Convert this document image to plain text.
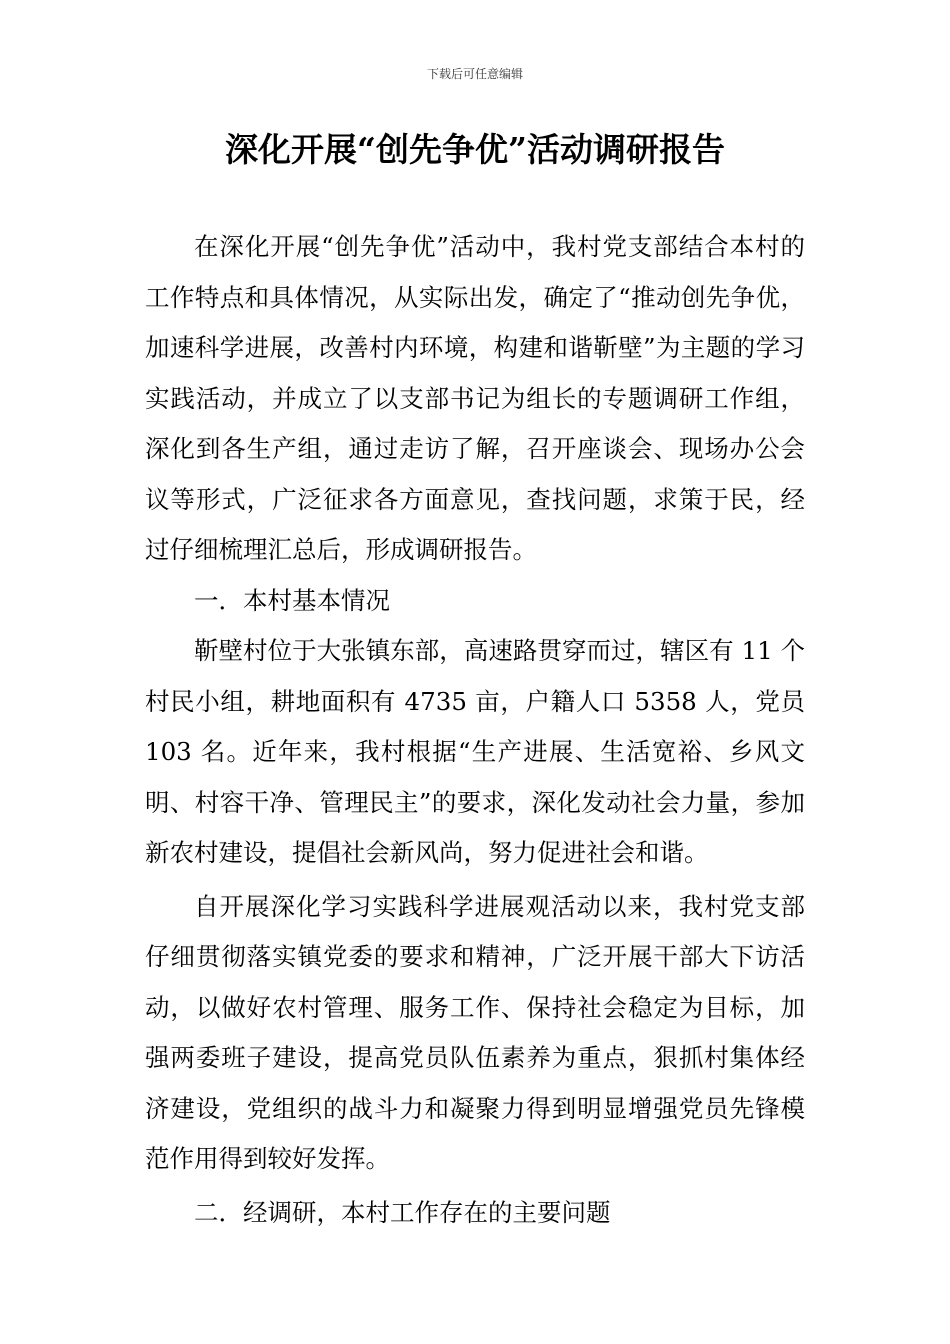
下载后可任意编辑
深化开展“创先争优”活动调研报告

在深化开展“创先争优”活动中，我村党支部结合本村的工作特点和具体情况，从实际出发，确定了“推动创先争优，加速科学进展，改善村内环境，构建和谐靳壁”为主题的学习实践活动，并成立了以支部书记为组长的专题调研工作组，深化到各生产组，通过走访了解，召开座谈会、现场办公会议等形式，广泛征求各方面意见，查找问题，求策于民，经过仔细梳理汇总后，形成调研报告。

一．本村基本情况

靳壁村位于大张镇东部，高速路贯穿而过，辖区有 11 个村民小组，耕地面积有 4735 亩，户籍人口 5358 人，党员 103 名。近年来，我村根据“生产进展、生活宽裕、乡风文明、村容干净、管理民主”的要求，深化发动社会力量，参加新农村建设，提倡社会新风尚，努力促进社会和谐。

自开展深化学习实践科学进展观活动以来，我村党支部仔细贯彻落实镇党委的要求和精神，广泛开展干部大下访活动，以做好农村管理、服务工作、保持社会稳定为目标，加强两委班子建设，提高党员队伍素养为重点，狠抓村集体经济建设，党组织的战斗力和凝聚力得到明显增强党员先锋模范作用得到较好发挥。

二．经调研，本村工作存在的主要问题
